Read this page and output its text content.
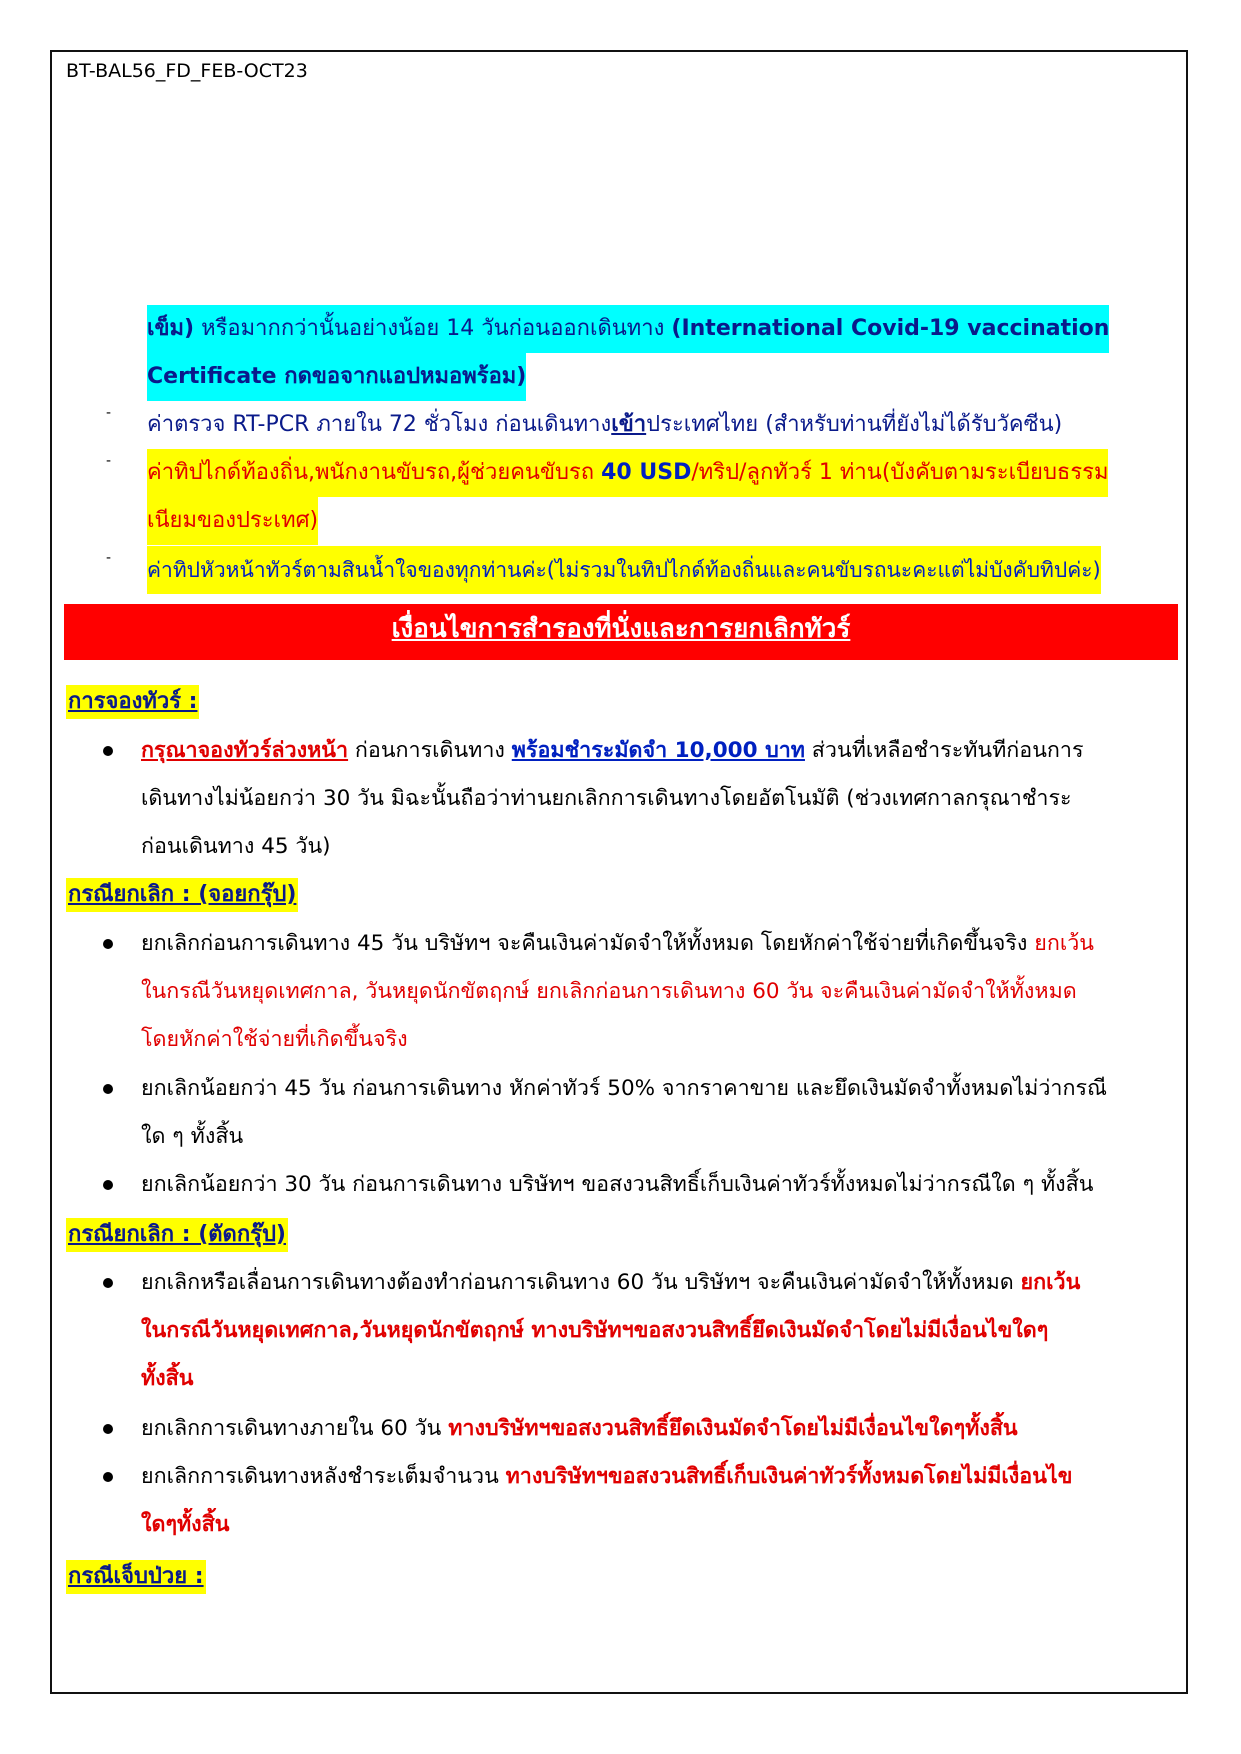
BT-BAL56_FD_FEB-OCT23
เข็ม) หรือมากกว่านั้นอย่างน้อย 14 วันก่อนออกเดินทาง (International Covid-19 vaccination
Certificate กดขอจากแอปหมอพร้อม)
- ค่าตรวจ RT-PCR ภายใน 72 ชั่วโมง ก่อนเดินทางเข้าประเทศไทย (สำหรับท่านที่ยังไม่ได้รับวัคซีน)
- ค่าทิปไกด์ท้องถิ่น,พนักงานขับรถ,ผู้ช่วยคนขับรถ 40 USD/ทริป/ลูกทัวร์ 1 ท่าน(บังคับตามระเบียบธรรม
เนียมของประเทศ)
- ค่าทิปหัวหน้าทัวร์ตามสินน้ำใจของทุกท่านค่ะ(ไม่รวมในทิปไกด์ท้องถิ่นและคนขับรถนะคะแต่ไม่บังคับทิปค่ะ)
เงื่อนไขการสำรองที่นั่งและการยกเลิกทัวร์
การจองทัวร์ :
กรุณาจองทัวร์ล่วงหน้า ก่อนการเดินทาง พร้อมชำระมัดจำ 10,000 บาท ส่วนที่เหลือชำระทันทีก่อนการ
เดินทางไม่น้อยกว่า 30 วัน มิฉะนั้นถือว่าท่านยกเลิกการเดินทางโดยอัตโนมัติ (ช่วงเทศกาลกรุณาชำระ
ก่อนเดินทาง 45 วัน)
กรณียกเลิก : (จอยกรุ๊ป)
ยกเลิกก่อนการเดินทาง 45 วัน บริษัทฯ จะคืนเงินค่ามัดจำให้ทั้งหมด โดยหักค่าใช้จ่ายที่เกิดขึ้นจริง ยกเว้น
ในกรณีวันหยุดเทศกาล, วันหยุดนักขัตฤกษ์ ยกเลิกก่อนการเดินทาง 60 วัน จะคืนเงินค่ามัดจำให้ทั้งหมด
โดยหักค่าใช้จ่ายที่เกิดขึ้นจริง
ยกเลิกน้อยกว่า 45 วัน ก่อนการเดินทาง หักค่าทัวร์ 50% จากราคาขาย และยึดเงินมัดจำทั้งหมดไม่ว่ากรณี
ใด ๆ ทั้งสิ้น
ยกเลิกน้อยกว่า 30 วัน ก่อนการเดินทาง บริษัทฯ ขอสงวนสิทธิ์เก็บเงินค่าทัวร์ทั้งหมดไม่ว่ากรณีใด ๆ ทั้งสิ้น
กรณียกเลิก : (ตัดกรุ๊ป)
ยกเลิกหรือเลื่อนการเดินทางต้องทำก่อนการเดินทาง 60 วัน บริษัทฯ จะคืนเงินค่ามัดจำให้ทั้งหมด ยกเว้น
ในกรณีวันหยุดเทศกาล,วันหยุดนักขัตฤกษ์ ทางบริษัทฯขอสงวนสิทธิ์ยึดเงินมัดจำโดยไม่มีเงื่อนไขใดๆ
ทั้งสิ้น
ยกเลิกการเดินทางภายใน 60 วัน ทางบริษัทฯขอสงวนสิทธิ์ยึดเงินมัดจำโดยไม่มีเงื่อนไขใดๆทั้งสิ้น
ยกเลิกการเดินทางหลังชำระเต็มจำนวน ทางบริษัทฯขอสงวนสิทธิ์เก็บเงินค่าทัวร์ทั้งหมดโดยไม่มีเงื่อนไข
ใดๆทั้งสิ้น
กรณีเจ็บป่วย :
